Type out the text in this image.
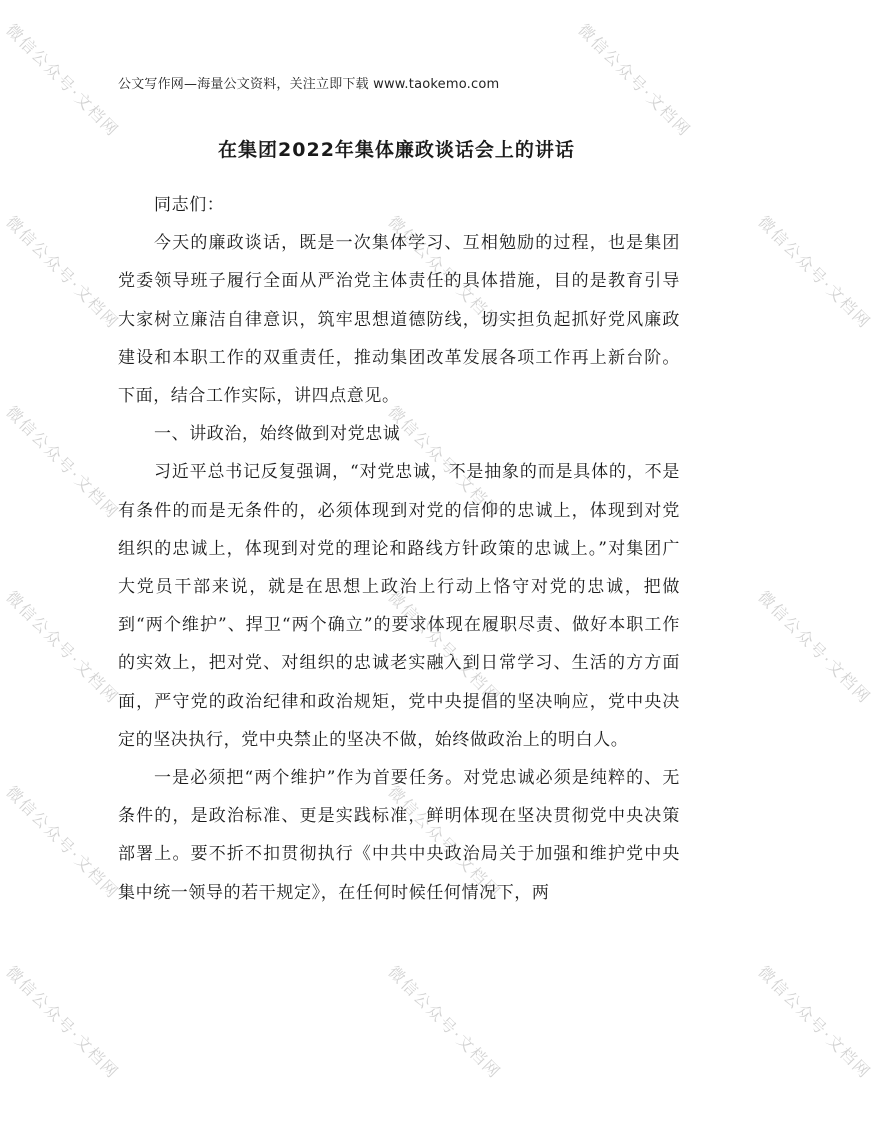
微信公众号·文档网	微信公众号·文档网
微信公众号·文档网	微信公众号·文档网	微信公众号·文档网
微信公众号·文档网	微信公众号·文档网
微信公众号·文档网	微信公众号·文档网	微信公众号·文档网
微信公众号·文档网	微信公众号·文档网
微信公众号·文档网	微信公众号·文档网	微信公众号·文档网
公文写作网—海量公文资料，关注立即下载 www.taokemo.com
在集团2022年集体廉政谈话会上的讲话

同志们：

今天的廉政谈话，既是一次集体学习、互相勉励的过程，也是集团党委领导班子履行全面从严治党主体责任的具体措施，目的是教育引导大家树立廉洁自律意识，筑牢思想道德防线，切实担负起抓好党风廉政建设和本职工作的双重责任，推动集团改革发展各项工作再上新台阶。下面，结合工作实际，讲四点意见。

一、讲政治，始终做到对党忠诚

习近平总书记反复强调，“对党忠诚，不是抽象的而是具体的，不是有条件的而是无条件的，必须体现到对党的信仰的忠诚上，体现到对党组织的忠诚上，体现到对党的理论和路线方针政策的忠诚上。”对集团广大党员干部来说，就是在思想上政治上行动上恪守对党的忠诚，把做到“两个维护”、捍卫“两个确立”的要求体现在履职尽责、做好本职工作的实效上，把对党、对组织的忠诚老实融入到日常学习、生活的方方面面，严守党的政治纪律和政治规矩，党中央提倡的坚决响应，党中央决定的坚决执行，党中央禁止的坚决不做，始终做政治上的明白人。

一是必须把“两个维护”作为首要任务。对党忠诚必须是纯粹的、无条件的，是政治标准、更是实践标准，鲜明体现在坚决贯彻党中央决策部署上。要不折不扣贯彻执行《中共中央政治局关于加强和维护党中央集中统一领导的若干规定》，在任何时候任何情况下，两
